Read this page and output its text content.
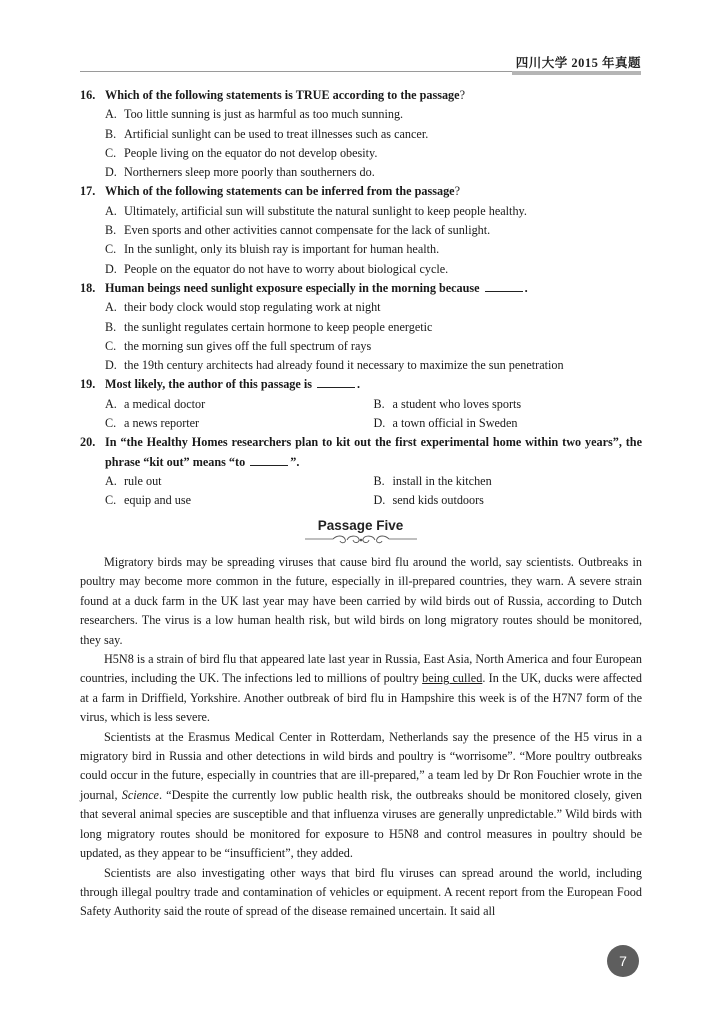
四川大学 2015 年真题
16. Which of the following statements is TRUE according to the passage?
A. Too little sunning is just as harmful as too much sunning.
B. Artificial sunlight can be used to treat illnesses such as cancer.
C. People living on the equator do not develop obesity.
D. Northerners sleep more poorly than southerners do.
17. Which of the following statements can be inferred from the passage?
A. Ultimately, artificial sun will substitute the natural sunlight to keep people healthy.
B. Even sports and other activities cannot compensate for the lack of sunlight.
C. In the sunlight, only its bluish ray is important for human health.
D. People on the equator do not have to worry about biological cycle.
18. Human beings need sunlight exposure especially in the morning because	.
A. their body clock would stop regulating work at night
B. the sunlight regulates certain hormone to keep people energetic
C. the morning sun gives off the full spectrum of rays
D. the 19th century architects had already found it necessary to maximize the sun penetration
19. Most likely, the author of this passage is	.
A. a medical doctor	B. a student who loves sports
C. a news reporter	D. a town official in Sweden
20. In “the Healthy Homes researchers plan to kit out the first experimental home within two years”, the phrase “kit out” means “to	”.
A. rule out	B. install in the kitchen
C. equip and use	D. send kids outdoors
Passage Five

Migratory birds may be spreading viruses that cause bird flu around the world, say scientists. Outbreaks in poultry may become more common in the future, especially in ill-prepared countries, they warn. A severe strain found at a duck farm in the UK last year may have been carried by wild birds out of Russia, according to Dutch researchers. The virus is a low human health risk, but wild birds on long migratory routes should be monitored, they say.

H5N8 is a strain of bird flu that appeared late last year in Russia, East Asia, North America and four European countries, including the UK. The infections led to millions of poultry being culled. In the UK, ducks were affected at a farm in Driffield, Yorkshire. Another outbreak of bird flu in Hampshire this week is of the H7N7 form of the virus, which is less severe.

Scientists at the Erasmus Medical Center in Rotterdam, Netherlands say the presence of the H5 virus in a migratory bird in Russia and other detections in wild birds and poultry is “worrisome”. “More poultry outbreaks could occur in the future, especially in countries that are ill-prepared,” a team led by Dr Ron Fouchier wrote in the journal, Science. “Despite the currently low public health risk, the outbreaks should be monitored closely, given that several animal species are susceptible and that influenza viruses are generally unpredictable.” Wild birds with long migratory routes should be monitored for exposure to H5N8 and control measures in poultry should be updated, as they appear to be “insufficient”, they added.

Scientists are also investigating other ways that bird flu viruses can spread around the world, including through illegal poultry trade and contamination of vehicles or equipment. A recent report from the European Food Safety Authority said the route of spread of the disease remained uncertain. It said all

7
